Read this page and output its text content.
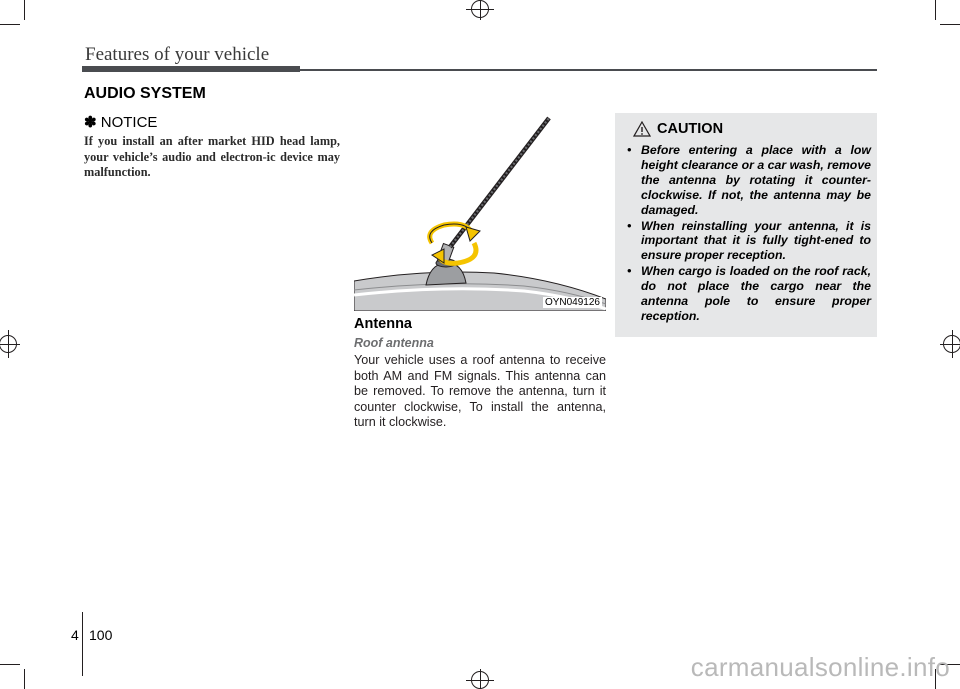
Features of your vehicle
AUDIO SYSTEM
✽ NOTICE
If you install an after market HID head lamp, your vehicle’s audio and electron-ic device may malfunction.
OYN049126
Antenna
Roof antenna
Your vehicle uses a roof antenna to receive both AM and FM signals. This antenna can be removed. To remove the antenna, turn it counter clockwise, To install the antenna, turn it clockwise.
CAUTION
• Before entering a place with a low height clearance or a car wash, remove the antenna by rotating it counter-clockwise. If not, the antenna may be damaged.
• When reinstalling your antenna, it is important that it is fully tight-ened to ensure proper reception.
• When cargo is loaded on the roof rack, do not place the cargo near the antenna pole to ensure proper reception.
4 100
carmanualsonline.info
